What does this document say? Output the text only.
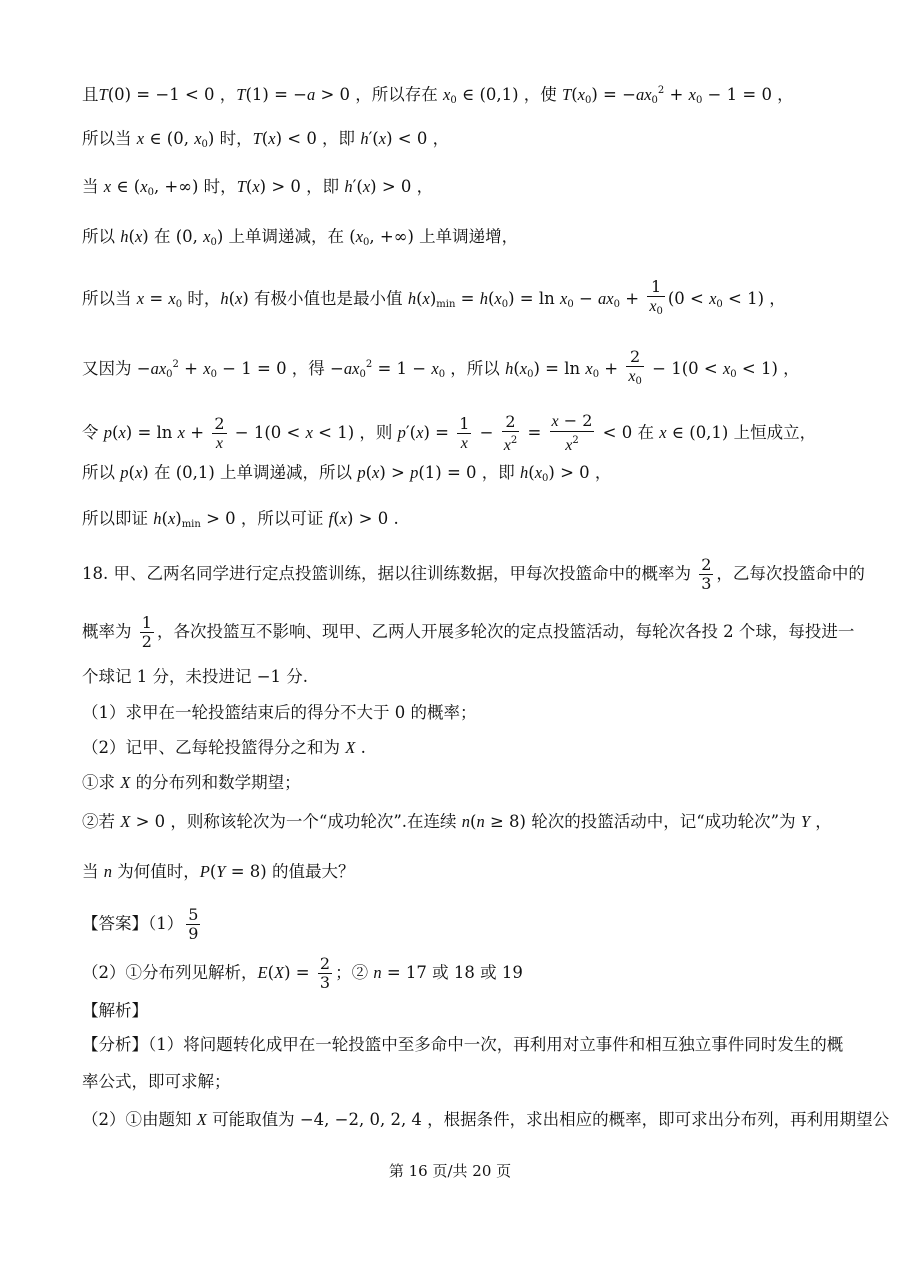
且T(0) = −1 < 0 ，T(1) = −a > 0 ，所以存在 $x_0$ ∈ (0,1) ，使 $T(x_0) = -ax_0^2 + x_0 - 1 = 0$ ，
所以当 x ∈ (0, $x_0$) 时，T(x) < 0 ，即 h′(x) < 0 ，
当 x ∈ ($x_0$, +∞) 时，T(x) > 0 ，即 h′(x) > 0 ，
所以 h(x) 在 (0, $x_0$) 上单调递减，在 ($x_0$, +∞) 上单调递增，
所以当 $x = x_0$ 时，h(x) 有极小值也是最小值 $h(x)_{min} = h(x_0) = \ln x_0 - ax_0 + \frac{1}{x_0} (0 < x_0 < 1)$ ，
又因为 $-ax_0^2 + x_0 - 1 = 0$ ，得 $-ax_0^2 = 1 - x_0$ ，所以 $h(x_0) = \ln x_0 + \frac{2}{x_0} - 1(0 < x_0 < 1)$ ，
令 $p(x) = \ln x + \frac{2}{x} - 1(0 < x < 1)$ ，则 $p'(x) = \frac{1}{x} - \frac{2}{x^2} = \frac{x - 2}{x^2} < 0$ 在 x ∈ (0,1) 上恒成立，
所以 p(x) 在 (0,1) 上单调递减，所以 p(x) > p(1) = 0 ，即 $h(x_0) > 0$ ，
所以即证 $h(x)_{min} > 0$ ，所以可证 f(x) > 0 .
18. 甲、乙两名同学进行定点投篮训练，据以往训练数据，甲每次投篮命中的概率为 $\frac{2}{3}$ ，乙每次投篮命中的
概率为 $\frac{1}{2}$ ，各次投篮互不影响、现甲、乙两人开展多轮次的定点投篮活动，每轮次各投 2 个球，每投进一
个球记 1 分，未投进记 −1 分.
（1）求甲在一轮投篮结束后的得分不大于 0 的概率；
（2）记甲、乙每轮投篮得分之和为 X .
①求 X 的分布列和数学期望；
②若 X > 0 ，则称该轮次为一个“成功轮次”.在连续 n(n ≥ 8) 轮次的投篮活动中，记“成功轮次”为 Y ，
当 n 为何值时，P(Y = 8) 的值最大？
【答案】$(1) \frac{5}{9}$
（2）①分布列见解析，$E(X) = \frac{2}{3}$ ；② n = 17 或 18 或 19
【解析】
【分析】（1）将问题转化成甲在一轮投篮中至多命中一次，再利用对立事件和相互独立事件同时发生的概
率公式，即可求解；
（2）①由题知 X 可能取值为 −4, −2, 0, 2, 4 ，根据条件，求出相应的概率，即可求出分布列，再利用期望公
第 16 页/共 20 页
